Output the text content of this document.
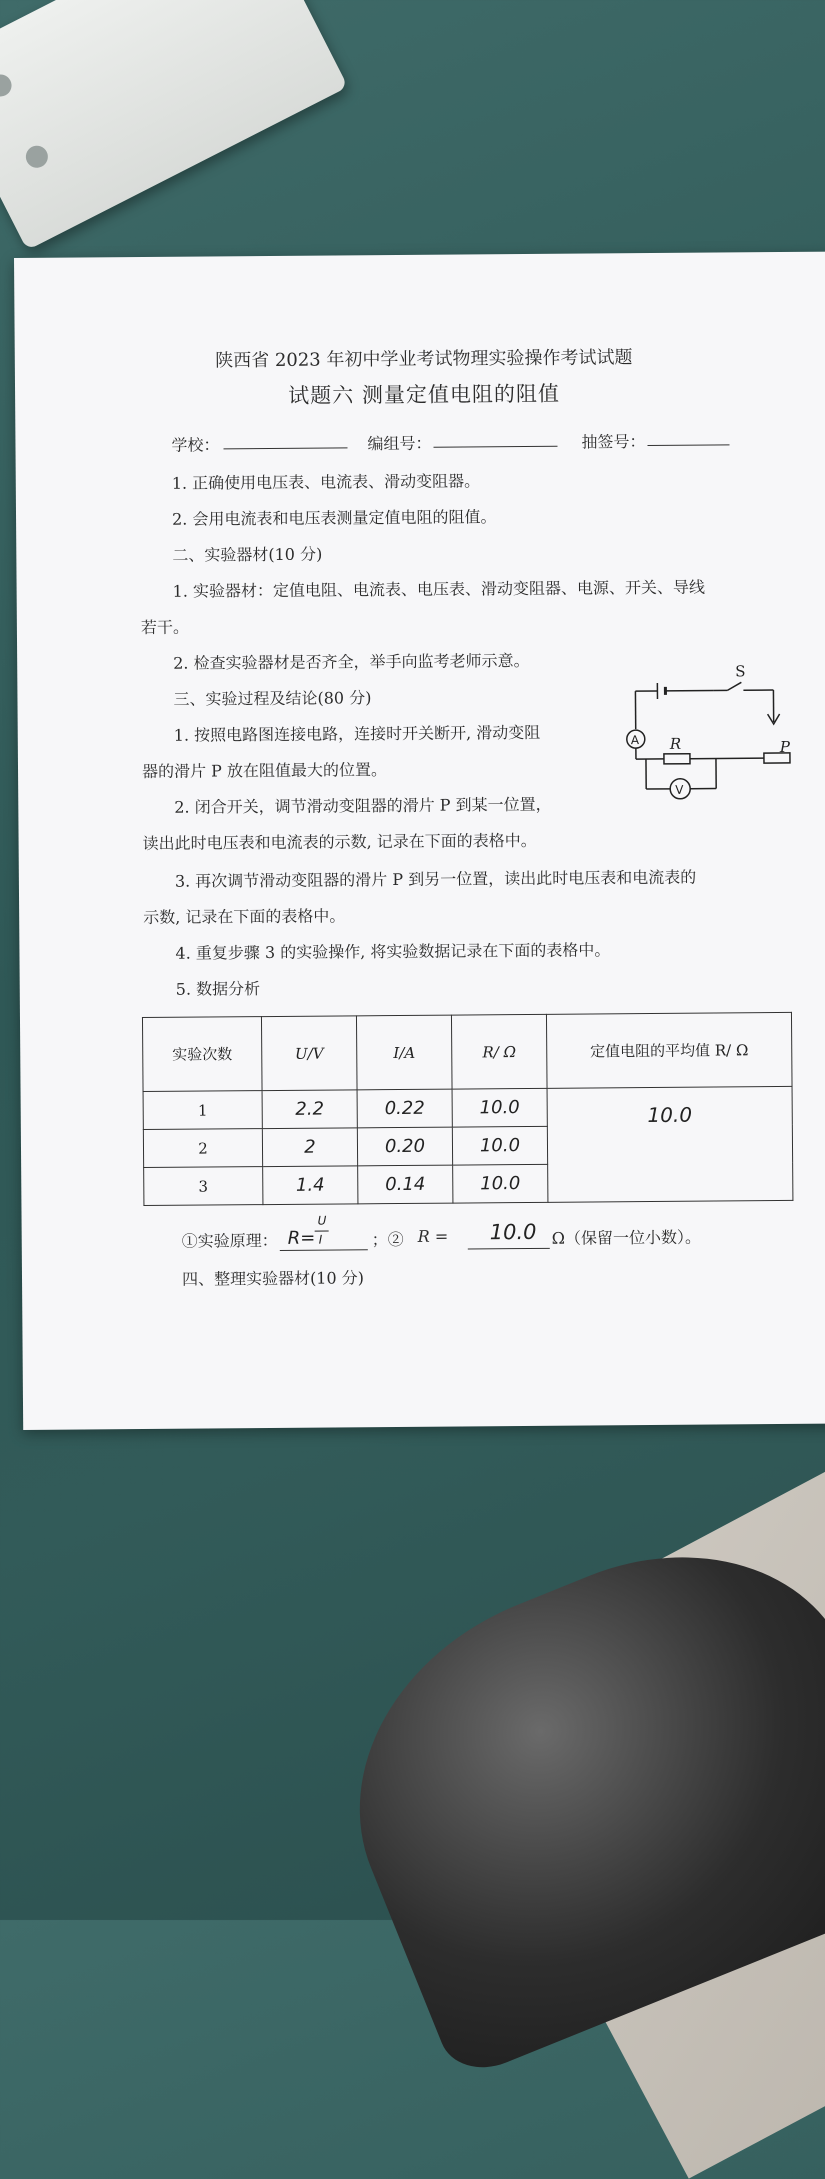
陕西省 2023 年初中学业考试物理实验操作考试试题
试题六 测量定值电阻的阻值
学校：	编组号：	抽签号：
1. 正确使用电压表、电流表、滑动变阻器。
2. 会用电流表和电压表测量定值电阻的阻值。
二、实验器材(10 分)
1. 实验器材：定值电阻、电流表、电压表、滑动变阻器、电源、开关、导线
若干。
2. 检查实验器材是否齐全，举手向监考老师示意。
三、实验过程及结论(80 分)
1. 按照电路图连接电路，连接时开关断开, 滑动变阻
器的滑片 P 放在阻值最大的位置。
2. 闭合开关，调节滑动变阻器的滑片 P 到某一位置，
读出此时电压表和电流表的示数, 记录在下面的表格中。
3. 再次调节滑动变阻器的滑片 P 到另一位置，读出此时电压表和电流表的
示数, 记录在下面的表格中。
4. 重复步骤 3 的实验操作, 将实验数据记录在下面的表格中。
5. 数据分析
S
A R	P
V
实验次数	U/V	I/A	R/ Ω	定值电阻的平均值 R/ Ω
1	2.2	0.22	10.0	10.0
2	2	0.20	10.0	
3	1.4	0.14	10.0	
①实验原理： R=
U
I	；② R = 10.0 Ω（保留一位小数）。
四、整理实验器材(10 分)
